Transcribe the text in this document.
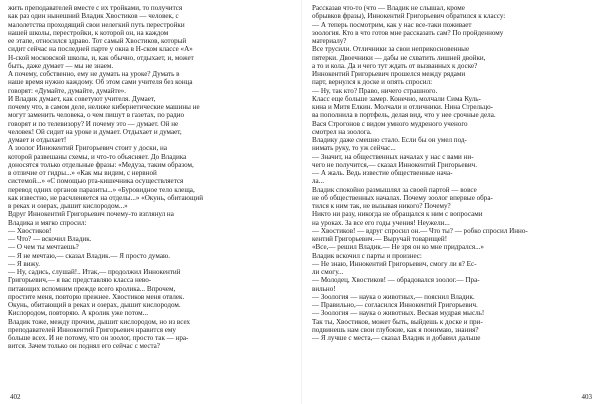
жить преподавателей вместе с их тройками, то получится
как раз один нынешний Владик Хвостиков — человек, с
малолетства проходящий свои нелегкий путь перестройки
нашей школы, перестройки, к которой он, на каждом
ее этапе, относился здраво. Тот самый Хвостиков, который
сидит сейчас на последней парте у окна в Н-ском классе «А»
Н-ской московской школы, и, как обычно, отдыхает, и, может
быть, даже думает — мы не знаем.
А почему, собственно, ему не думать на уроке? Думать в
наше время нужно каждому. Об этом сами учителя без конца
говорят: «Думайте, думайте, думайте».
И Владик думает, как советуют учителя. Думает,
почему что, в самом деле, нелиже кибернетические машины не
могут заменить человека, о чем пишут в газетах, по радио
говорят и по телевизору? И почему это — думает. Ой не
человек! Ой сидит на уроке и думает. Отдыхает и думает,
думает и отдыхает!
А зоолог Иннокентий Григорьевич стоит у доски, на
которой развешаны схемы, и что-то объясняет. До Владика
доносятся только отдельные фразы: «Медуза, таким образом,
в отличие от гидры...» «Как мы видим, с нервной
системой...» «С помощью рта-кишечника осуществляется
перевод одних органов паразиты...» «Буровидное тело клеща,
как известно, не расчленяется на отделы...» «Окунь, обитающий
в реках и озерах, дышит кислородом...»
Вдруг Иннокентий Григорьевич почему-то взглянул на
Владика и мягко спросил:
— Хвостиков!
— Что? — вскочил Владик.
— О чем ты мечтаешь?
— Я не мечтаю,— сказал Владик.— Я просто думаю.
— Я вижу.
— Ну, садись, слушай!.. Итак,— продолжил Иннокентий
Григорьевич,— я вас представляю класса нево-
питающих вспомним прежде всего кролика... Впрочем,
простите меня, повторю прежнее. Хвостиков меня отвлек.
Окунь, обитающий в реках и озерах, дышит кислородом.
Кислородом, повторяю. А кролик уже потом...
Владик тоже, между прочим, дышит кислородом, но из всех
преподавателей Иннокентий Григорьевич нравится ему
больше всех. И не потому, что он зоолог, просто так — нра-
вится. Зачем только он поднял его сейчас с места?
Рассказав что-то (что — Владик не слышал, кроме
обрывков фразы), Иннокентий Григорьевич обратился к классу:
— А теперь посмотрим, как у нас все-таки поживает
зоология. Кто в что готов мне рассказать сам? По пройденному
материалу?
Все трусили. Отличники за свои неприкосновенные
пятерки. Двоечники — дабы не схватить лишней двойки,
а то и кола. Да и чего тут ждать от вызванных к доске?
Иннокентий Григорьевич прошелся между рядами
парт, вернулся к доске и опять спросил:
— Ну, так кто? Право, ничего страшного.
Класс еще больше замер. Конечно, молчали Сима Куль-
кина и Митя Елкин. Молчали и отличники. Нина Стрельцо-
ва пополнила в портфель, делая вид, что у нее срочные дела.
Вася Строгонов с видом умного мудреного ученого
смотрел на зоолога.
Владику даже смешно стало. Если бы он умел под-
нимать руку, то уж сейчас...
— Значит, на общественных началах у нас с вами ни-
чего не получится,— сказал Иннокентий Григорьевич.
— А жаль. Ведь известие общественные нача-
ла...
Владик спокойно размышлял за своей партой — вовсе
не об общественных началах. Почему зоолог впервые обра-
тился к ним так, не вызывая никого? Почему?
Никто ни разу, никогда не обращался к ним с вопросами
на уроках. За все его годы учения! Неужели...
— Хвостиков! — вдруг спросил он.— Что ты? — робко спросил Инно-
кентий Григорьевич.— Выручай товарищей!
«Все,— решил Владик.— Не зря он ко мне придрался...»
Владик вскочил с парты и произнес:
— Не знаю, Иннокентий Григорьевич, смогу ли я? Ес-
ли смогу...
— Молодец, Хвостиков! — обрадовался зоолог.— Пра-
вильно!
— Зоология — наука о животных,— пояснил Владик.
— Правильно,— согласился Иннокентий Григорьевич.
— Зоология — наука о животных. Веская мудрая мысль!
Так ты, Хвостиков, может быть, выйдешь к доске и при-
подвинешь нам свои глубокие, как я понимаю, знания?
— Я лучше с места,— сказал Владик и добавил дальше
402	403
